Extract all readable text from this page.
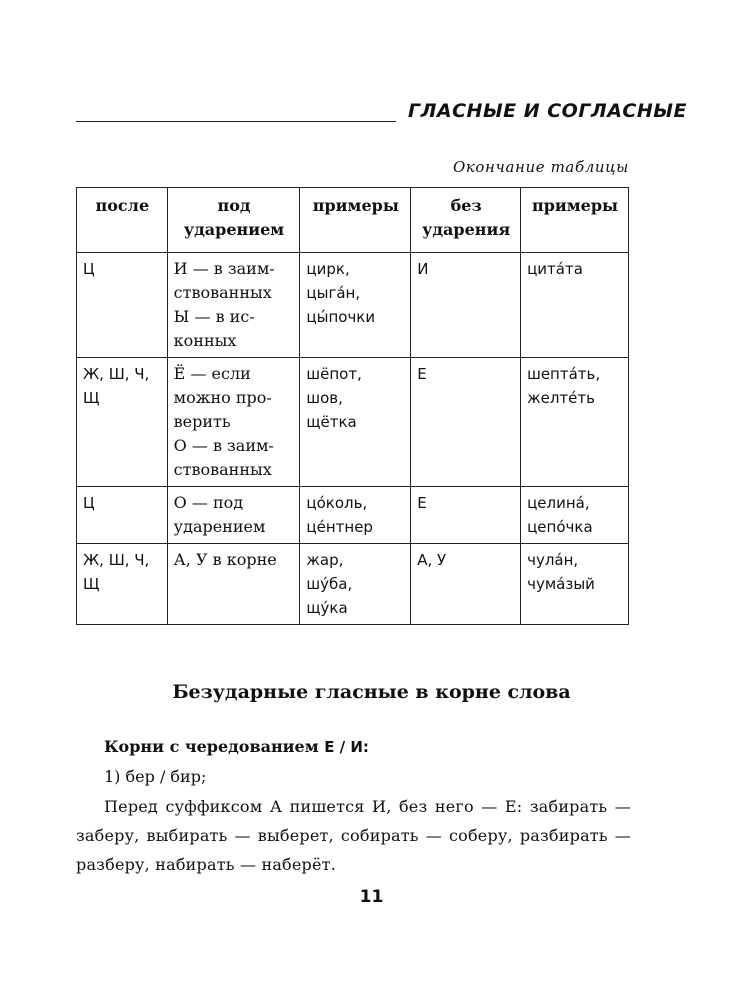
ГЛАСНЫЕ И СОГЛАСНЫЕ
Окончание таблицы
после	под ударением	примеры	без ударения	примеры
Ц	И — в заим-
ствованных
Ы — в ис-
конных	цирк,
цыга́н,
цы́почки	И	цита́та

Ж, Ш, Ч, Щ	Ё — если
можно про-
верить
О — в заим-
ствованных	шёпот,
шов,
щётка	Е	шепта́ть,
желте́ть

Ц	О — под
ударением	цо́коль,
це́нтнер	Е	целина́,
цепо́чка

Ж, Ш, Ч, Щ	А, У в корне	жар,
шу́ба,
щу́ка	А, У	чула́н,
чума́зый
Безударные гласные в корне слова
Корни с чередованием Е / И:
1) бер / бир;
Перед суффиксом А пишется И, без него — Е: забирать — заберу, выбирать — выберет, собирать — соберу, разбирать — разберу, набирать — наберёт.
11
